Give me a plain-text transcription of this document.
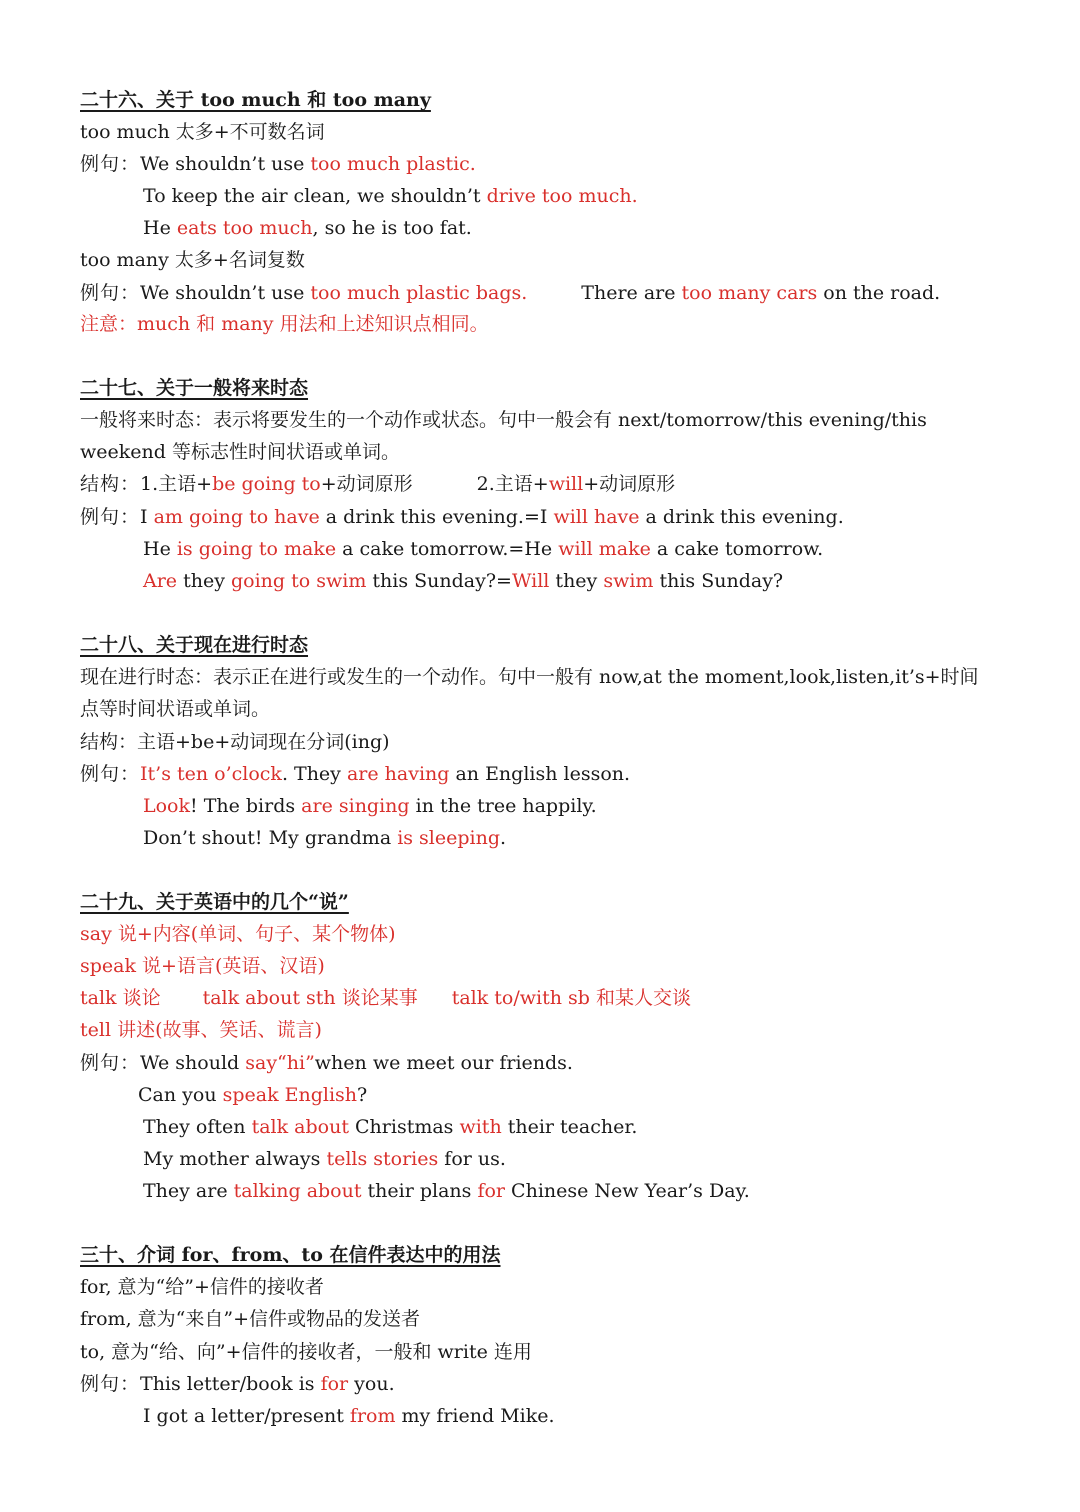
二十六、关于 too much 和 too many
too much 太多+不可数名词
例句：We shouldn’t use too much plastic.
To keep the air clean, we shouldn’t drive too much.
He eats too much, so he is too fat.
too many 太多+名词复数
例句：We shouldn’t use too much plastic bags.	There are too many cars on the road.
注意：much 和 many 用法和上述知识点相同。
二十七、关于一般将来时态
一般将来时态：表示将要发生的一个动作或状态。句中一般会有 next/tomorrow/this evening/this
weekend 等标志性时间状语或单词。
结构：1.主语+be going to+动词原形	2.主语+will+动词原形
例句：I am going to have a drink this evening.=I will have a drink this evening.
He is going to make a cake tomorrow.=He will make a cake tomorrow.
Are they going to swim this Sunday?=Will they swim this Sunday?
二十八、关于现在进行时态
现在进行时态：表示正在进行或发生的一个动作。句中一般有 now,at the moment,look,listen,it’s+时间
点等时间状语或单词。
结构：主语+be+动词现在分词(ing)
例句：It’s ten o’clock. They are having an English lesson.
Look! The birds are singing in the tree happily.
Don’t shout! My grandma is sleeping.
二十九、关于英语中的几个“说”
say 说+内容(单词、句子、某个物体)
speak 说+语言(英语、汉语)
talk 谈论 talk about sth 谈论某事 talk to/with sb 和某人交谈
tell 讲述(故事、笑话、谎言)
例句：We should say“hi”when we meet our friends.
Can you speak English?
They often talk about Christmas with their teacher.
My mother always tells stories for us.
They are talking about their plans for Chinese New Year’s Day.
三十、介词 for、from、to 在信件表达中的用法
for, 意为“给”+信件的接收者
from, 意为“来自”+信件或物品的发送者
to, 意为“给、向”+信件的接收者，一般和 write 连用
例句：This letter/book is for you.
I got a letter/present from my friend Mike.
